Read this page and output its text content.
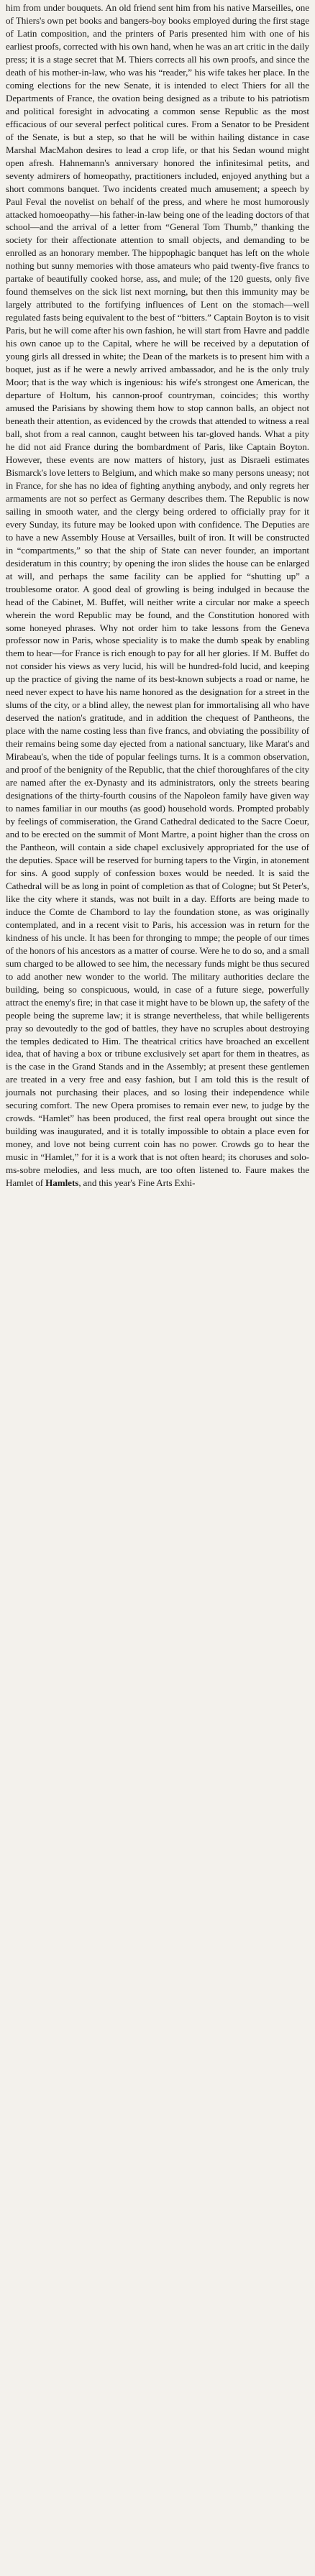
him from under bouquets. An old friend sent him from his native Marseilles, one of Thiers's own pet books and bangers-boy books employed during the first stage of Latin composition, and the printers of Paris presented him with one of his earliest proofs, corrected with his own hand, when he was an art critic in the daily press; it is a stage secret that M. Thiers corrects all his own proofs, and since the death of his mother-in-law, who was his “reader,” his wife takes her place. In the coming elections for the new Senate, it is intended to elect Thiers for all the Departments of France, the ovation being designed as a tribute to his patriotism and political foresight in advocating a common sense Republic as the most efficacious of our several perfect political cures. From a Senator to be President of the Senate, is but a step, so that he will be within hailing distance in case Marshal MacMahon desires to lead a crop life, or that his Sedan wound might open afresh. Hahnemann's anniversary honored the infinitesimal petits, and seventy admirers of homeopathy, practitioners included, enjoyed anything but a short commons banquet. Two incidents created much amusement; a speech by Paul Feval the novelist on behalf of the press, and where he most humorously attacked homoeopathy—his father-in-law being one of the leading doctors of that school—and the arrival of a letter from “General Tom Thumb,” thanking the society for their affectionate attention to small objects, and demanding to be enrolled as an honorary member. The hippophagic banquet has left on the whole nothing but sunny memories with those amateurs who paid twenty-five francs to partake of beautifully cooked horse, ass, and mule; of the 120 guests, only five found themselves on the sick list next morning, but then this immunity may be largely attributed to the fortifying influences of Lent on the stomach—well regulated fasts being equivalent to the best of “bitters.” Captain Boyton is to visit Paris, but he will come after his own fashion, he will start from Havre and paddle his own canoe up to the Capital, where he will be received by a deputation of young girls all dressed in white; the Dean of the markets is to present him with a boquet, just as if he were a newly arrived ambassador, and he is the only truly Moor; that is the way which is ingenious: his wife's strongest one American, the departure of Holtum, his cannon-proof countryman, coincides; this worthy amused the Parisians by showing them how to stop cannon balls, an object not beneath their attention, as evidenced by the crowds that attended to witness a real ball, shot from a real cannon, caught between his tar-gloved hands. What a pity he did not aid France during the bombardment of Paris, like Captain Boyton. However, these events are now matters of history, just as Disraeli estimates Bismarck's love letters to Belgium, and which make so many persons uneasy; not in France, for she has no idea of fighting anything anybody, and only regrets her armaments are not so perfect as Germany describes them. The Republic is now sailing in smooth water, and the clergy being ordered to officially pray for it every Sunday, its future may be looked upon with confidence. The Deputies are to have a new Assembly House at Versailles, built of iron. It will be constructed in “compartments,” so that the ship of State can never founder, an important desideratum in this country; by opening the iron slides the house can be enlarged at will, and perhaps the same facility can be applied for “shutting up” a troublesome orator. A good deal of growling is being indulged in because the head of the Cabinet, M. Buffet, will neither write a circular nor make a speech wherein the word Republic may be found, and the Constitution honored with some honeyed phrases. Why not order him to take lessons from the Geneva professor now in Paris, whose speciality is to make the dumb speak by enabling them to hear—for France is rich enough to pay for all her glories. If M. Buffet do not consider his views as very lucid, his will be hundred-fold lucid, and keeping up the practice of giving the name of its best-known subjects a road or name, he need never expect to have his name honored as the designation for a street in the slums of the city, or a blind alley, the newest plan for immortalising all who have deserved the nation's gratitude, and in addition the chequest of Pantheons, the place with the name costing less than five francs, and obviating the possibility of their remains being some day ejected from a national sanctuary, like Marat's and Mirabeau's, when the tide of popular feelings turns. It is a common observation, and proof of the benignity of the Republic, that the chief thoroughfares of the city are named after the ex-Dynasty and its administrators, only the streets bearing designations of the thirty-fourth cousins of the Napoleon family have given way to names familiar in our mouths (as good) household words. Prompted probably by feelings of commiseration, the Grand Cathedral dedicated to the Sacre Coeur, and to be erected on the summit of Mont Martre, a point higher than the cross on the Pantheon, will contain a side chapel exclusively appropriated for the use of the deputies. Space will be reserved for burning tapers to the Virgin, in atonement for sins. A good supply of confession boxes would be needed. It is said the Cathedral will be as long in point of completion as that of Cologne; but St Peter's, like the city where it stands, was not built in a day. Efforts are being made to induce the Comte de Chambord to lay the foundation stone, as was originally contemplated, and in a recent visit to Paris, his accession was in return for the kindness of his uncle. It has been for thronging to mmpe; the people of our times of the honors of his ancestors as a matter of course. Were he to do so, and a small sum charged to be allowed to see him, the necessary funds might be thus secured to add another new wonder to the world. The military authorities declare the building, being so conspicuous, would, in case of a future siege, powerfully attract the enemy's fire; in that case it might have to be blown up, the safety of the people being the supreme law; it is strange nevertheless, that while belligerents pray so devoutedly to the god of battles, they have no scruples about destroying the temples dedicated to Him. The theatrical critics have broached an excellent idea, that of having a box or tribune exclusively set apart for them in theatres, as is the case in the Grand Stands and in the Assembly; at present these gentlemen are treated in a very free and easy fashion, but I am told this is the result of journals not purchasing their places, and so losing their independence while securing comfort. The new Opera promises to remain ever new, to judge by the crowds. “Hamlet” has been produced, the first real opera brought out since the building was inaugurated, and it is totally impossible to obtain a place even for money, and love not being current coin has no power. Crowds go to hear the music in “Hamlet,” for it is a work that is not often heard; its choruses and solo-ms-sobre melodies, and less much, are too often listened to. Faure makes the Hamlet of Hamlets, and this year's Fine Arts Exhi-
